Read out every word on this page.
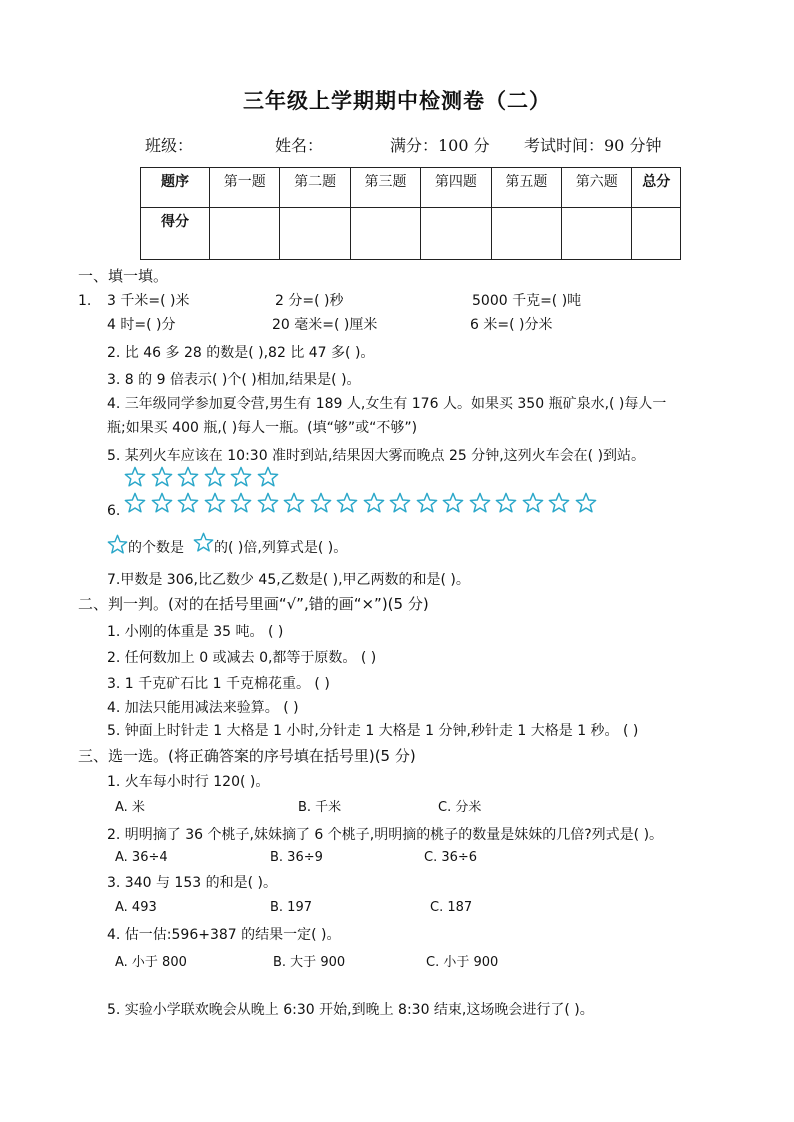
三年级上学期期中检测卷（二）
班级：	姓名：	满分：100 分 考试时间：90 分钟
题序	第一题	第二题	第三题	第四题	第五题	第六题	总分
得分							
一、填一填。
1. 3 千米=( )米	2 分=( )秒	5000 千克=( )吨
4 时=( )分	20 毫米=( )厘米	6 米=( )分米
2. 比 46 多 28 的数是( ),82 比 47 多( )。
3. 8 的 9 倍表示( )个( )相加,结果是( )。
4. 三年级同学参加夏令营,男生有 189 人,女生有 176 人。如果买 350 瓶矿泉水,( )每人一
瓶;如果买 400 瓶,( )每人一瓶。(填“够”或“不够”)
5. 某列火车应该在 10:30 准时到站,结果因大雾而晚点 25 分钟,这列火车会在( )到站。
6.
的个数是 的( )倍,列算式是( )。
7.甲数是 306,比乙数少 45,乙数是( ),甲乙两数的和是( )。
二、判一判。(对的在括号里画“√”,错的画“×”)(5 分)
1. 小刚的体重是 35 吨。 ( )
2. 任何数加上 0 或减去 0,都等于原数。 ( )
3. 1 千克矿石比 1 千克棉花重。 ( )
4. 加法只能用减法来验算。 ( )
5. 钟面上时针走 1 大格是 1 小时,分针走 1 大格是 1 分钟,秒针走 1 大格是 1 秒。 ( )
三、选一选。(将正确答案的序号填在括号里)(5 分)
1. 火车每小时行 120( )。
A. 米	B. 千米	C. 分米
2. 明明摘了 36 个桃子,妹妹摘了 6 个桃子,明明摘的桃子的数量是妹妹的几倍?列式是( )。
A. 36÷4	B. 36÷9	C. 36÷6
3. 340 与 153 的和是( )。
A. 493	B. 197	C. 187
4. 估一估:596+387 的结果一定( )。
A. 小于 800	B. 大于 900	C. 小于 900
5. 实验小学联欢晚会从晚上 6:30 开始,到晚上 8:30 结束,这场晚会进行了( )。
